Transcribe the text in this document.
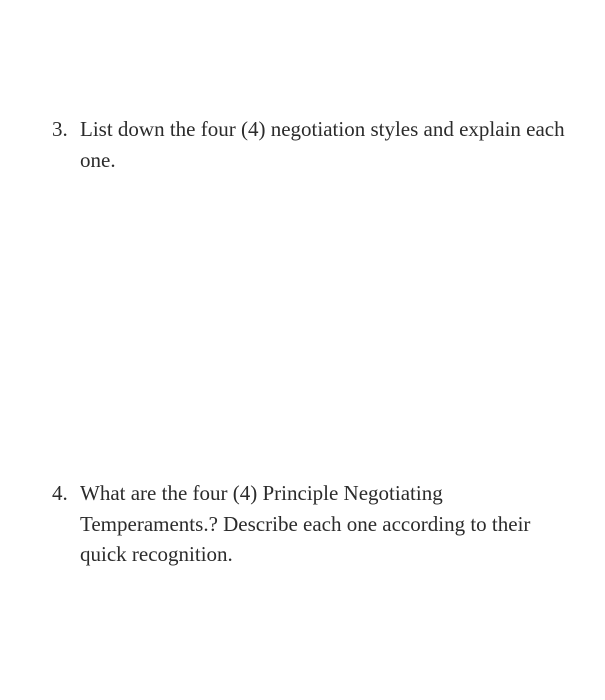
3. List down the four (4) negotiation styles and explain each one.
4. What are the four (4) Principle Negotiating Temperaments.? Describe each one according to their quick recognition.
